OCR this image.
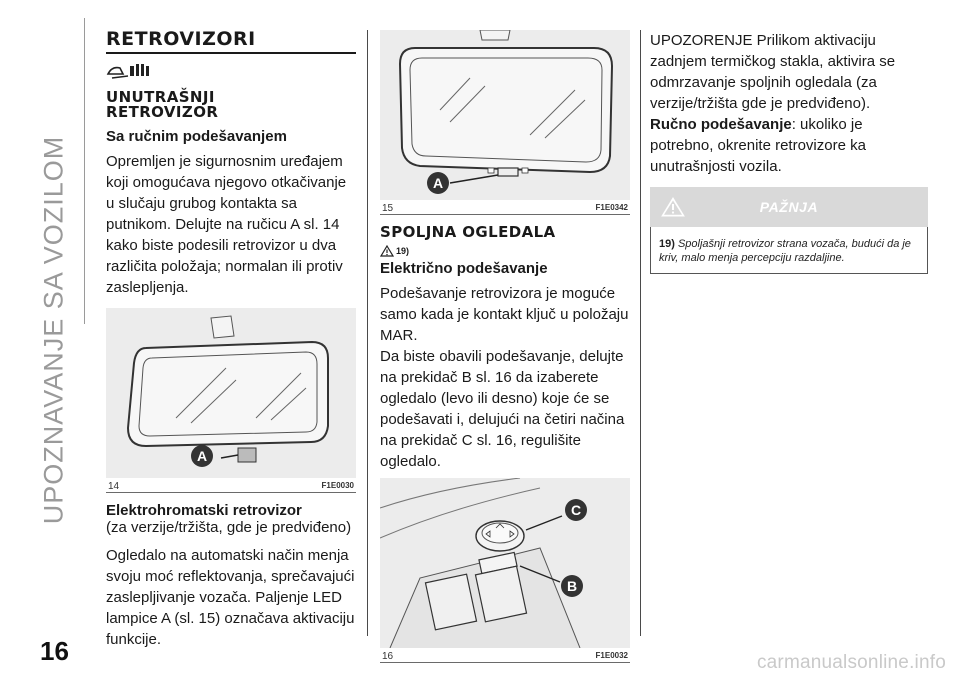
UPOZNAVANJE SA VOZILOM
16	carmanualsonline.info
RETROVIZORI
UNUTRAŠNJI
RETROVIZOR
Sa ručnim podešavanjem
Opremljen je sigurnosnim uređajem koji omogućava njegovo otkačivanje u slučaju grubog kontakta sa putnikom. Delujte na ručicu A sl. 14 kako biste podesili retrovizor u dva različita položaja; normalan ili protiv zaslepljenja.
A
14	F1E0030
Elektrohromatski retrovizor
(za verzije/tržišta, gde je predviđeno)
Ogledalo na automatski način menja svoju moć reflektovanja, sprečavajući zaslepljivanje vozača. Paljenje LED lampice A (sl. 15) označava aktivaciju funkcije.
A
15	F1E0342
SPOLJNA OGLEDALA
19)
Električno podešavanje
Podešavanje retrovizora je moguće samo kada je kontakt ključ u položaju MAR.
Da biste obavili podešavanje, delujte na prekidač B sl. 16 da izaberete ogledalo (levo ili desno) koje će se podešavati i, delujući na četiri načina na prekidač C sl. 16, regulišite ogledalo.
C
B
16	F1E0032
UPOZORENJE Prilikom aktivaciju zadnjem termičkog stakla, aktivira se odmrzavanje spoljnih ogledala (za verzije/tržišta gde je predviđeno).
Ručno podešavanje: ukoliko je potrebno, okrenite retrovizore ka unutrašnjosti vozila.
PAŽNJA
19) Spoljašnji retrovizor strana vozača, budući da je kriv, malo menja percepciju razdaljine.
